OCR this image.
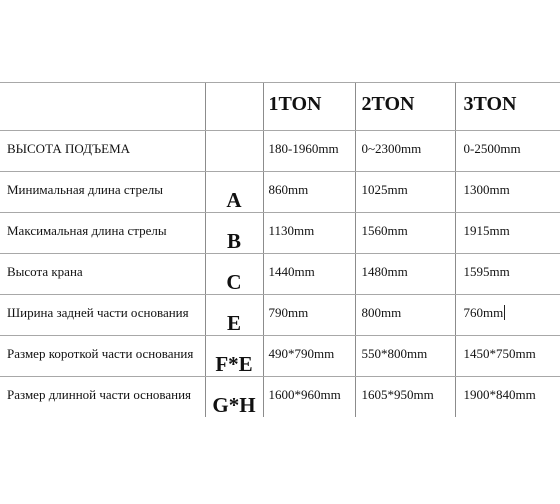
		1TON	2TON	3TON

ВЫСОТА ПОДЪЕМА		180-1960mm	0~2300mm	0-2500mm

Минимальная длина стрелы	A	860mm	1025mm	1300mm

Максимальная длина стрелы	B	1130mm	1560mm	1915mm

Высота крана	C	1440mm	1480mm	1595mm

Ширина задней части основания	E	790mm	800mm	760mm

Размер короткой части основания	F*E	490*790mm	550*800mm	1450*750mm

Размер длинной части основания	G*H	1600*960mm	1605*950mm	1900*840mm
